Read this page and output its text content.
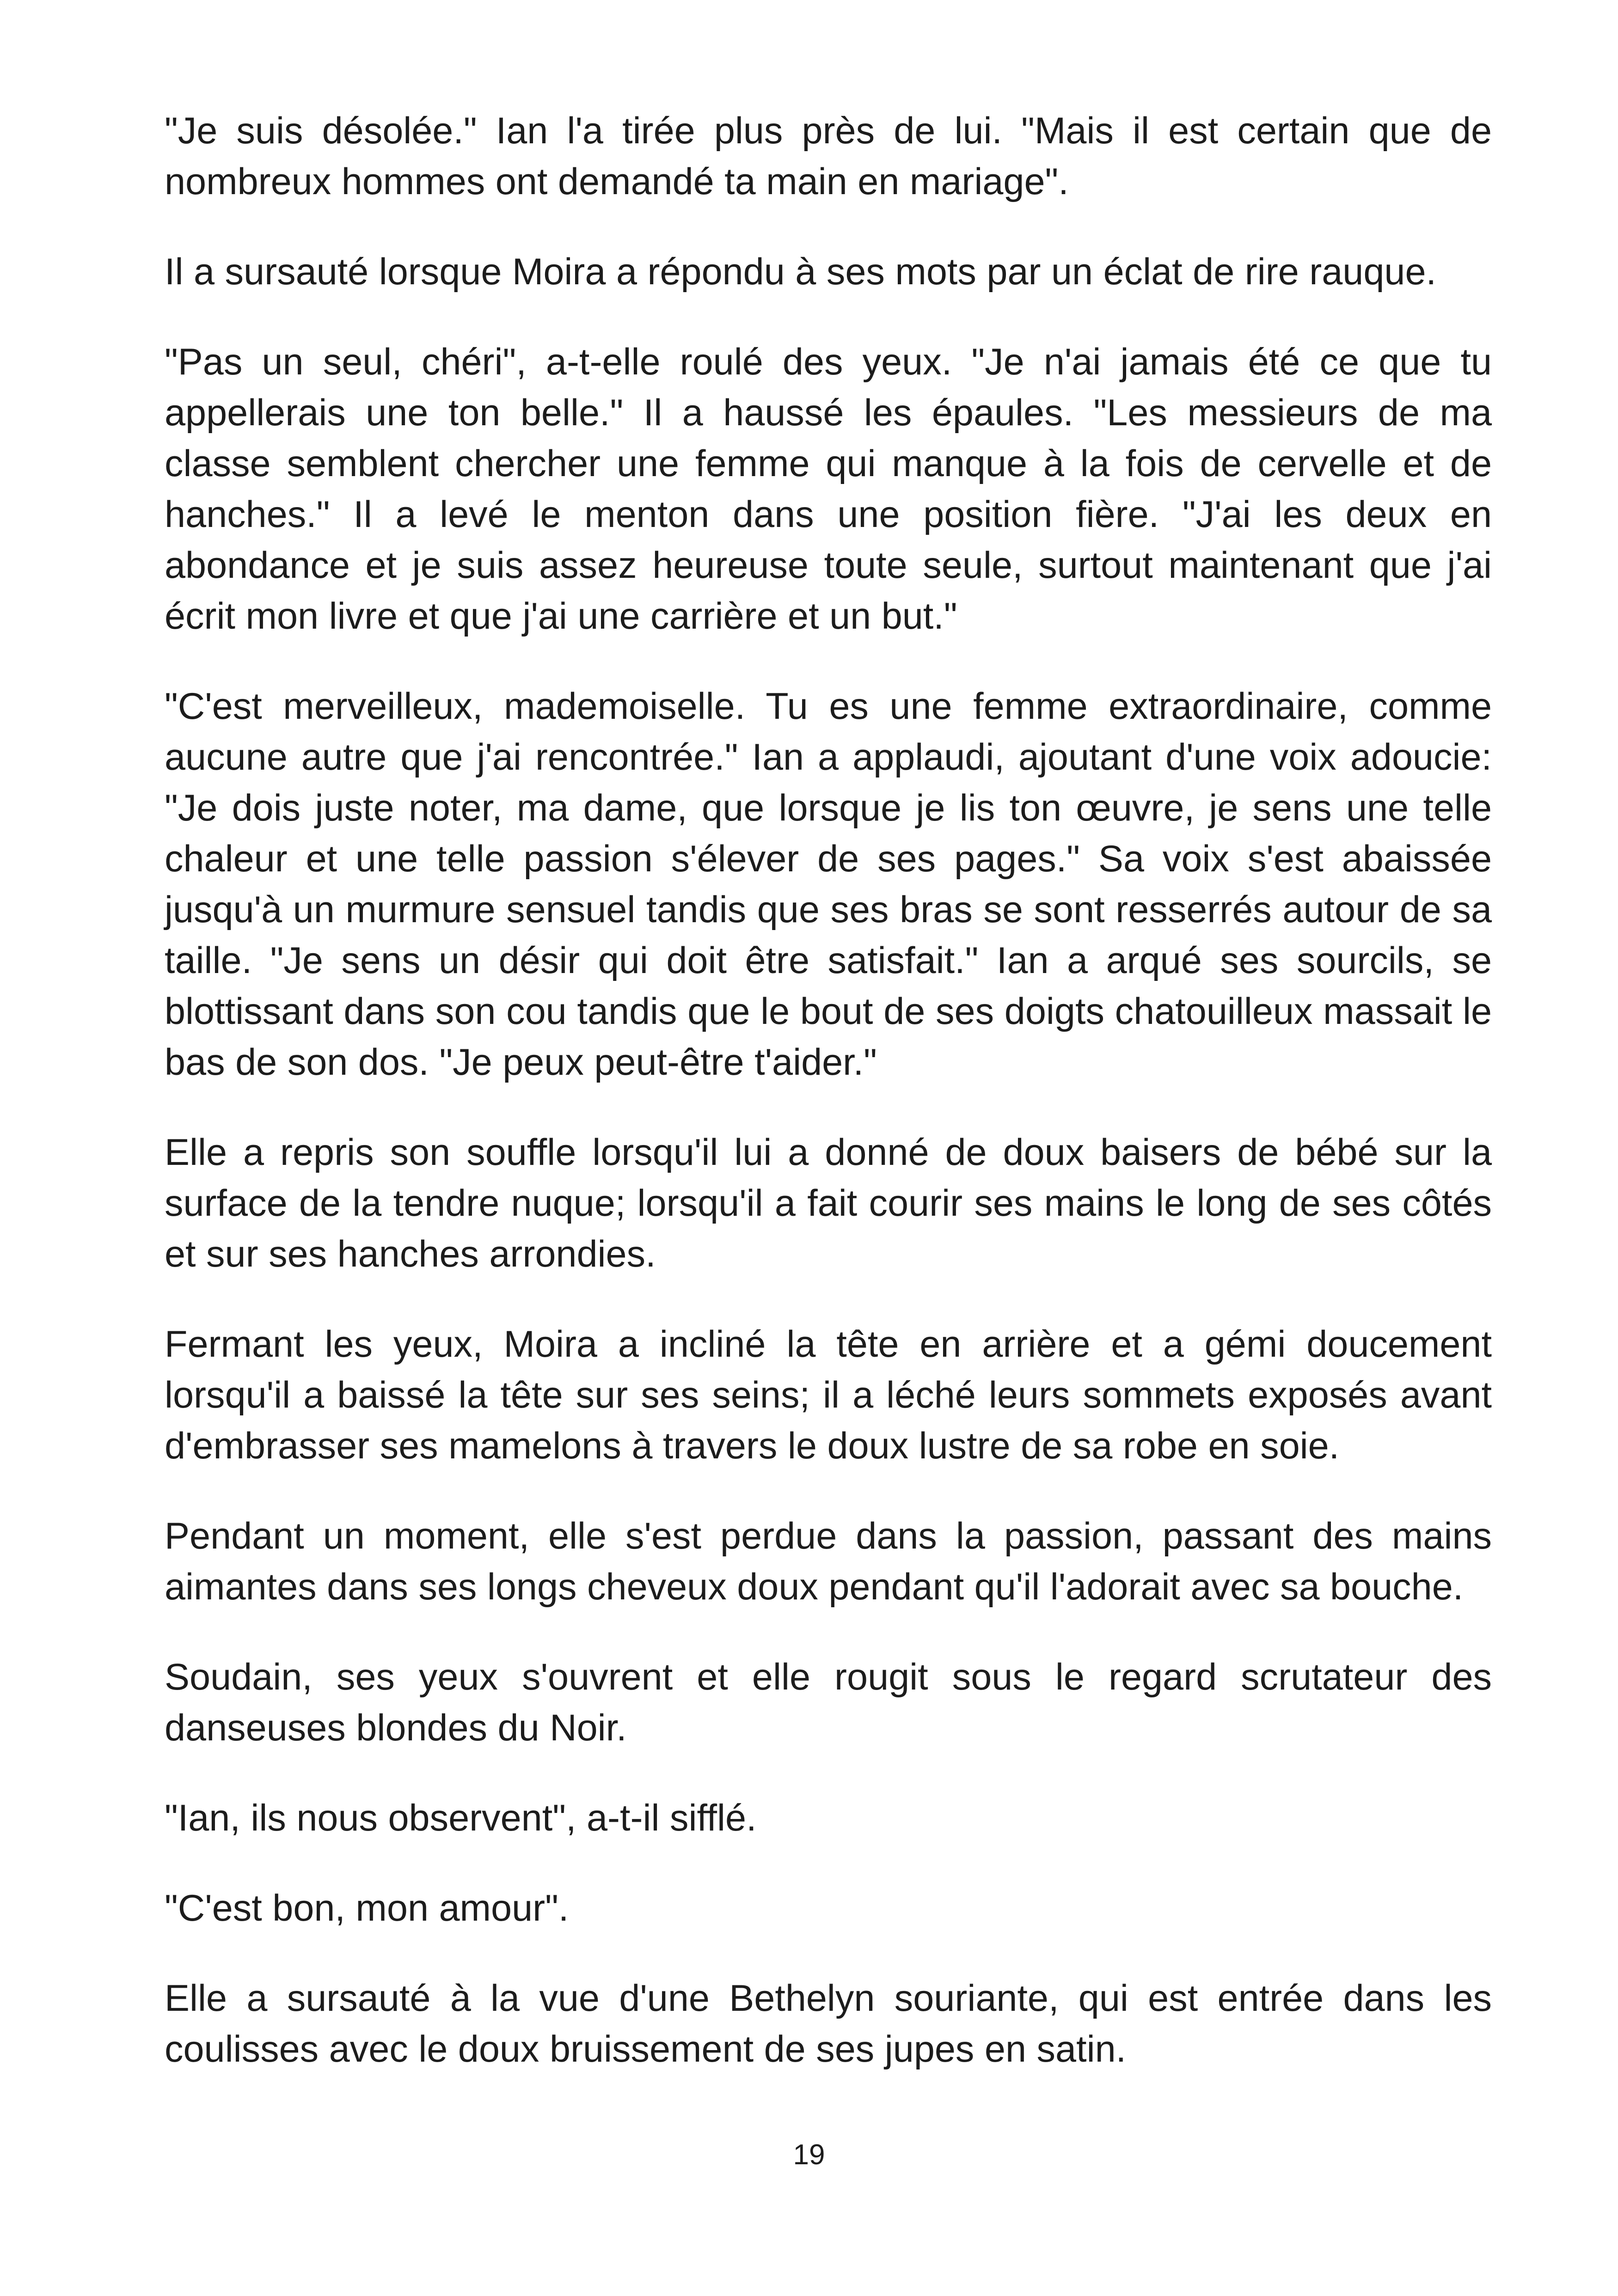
"Je suis désolée." Ian l'a tirée plus près de lui. "Mais il est certain que de nombreux hommes ont demandé ta main en mariage".

Il a sursauté lorsque Moira a répondu à ses mots par un éclat de rire rauque.

"Pas un seul, chéri", a-t-elle roulé des yeux. "Je n'ai jamais été ce que tu appellerais une ton belle." Il a haussé les épaules. "Les messieurs de ma classe semblent chercher une femme qui manque à la fois de cervelle et de hanches." Il a levé le menton dans une position fière. "J'ai les deux en abondance et je suis assez heureuse toute seule, surtout maintenant que j'ai écrit mon livre et que j'ai une carrière et un but."

"C'est merveilleux, mademoiselle. Tu es une femme extraordinaire, comme aucune autre que j'ai rencontrée." Ian a applaudi, ajoutant d'une voix adoucie: "Je dois juste noter, ma dame, que lorsque je lis ton œuvre, je sens une telle chaleur et une telle passion s'élever de ses pages." Sa voix s'est abaissée jusqu'à un murmure sensuel tandis que ses bras se sont resserrés autour de sa taille. "Je sens un désir qui doit être satisfait." Ian a arqué ses sourcils, se blottissant dans son cou tandis que le bout de ses doigts chatouilleux massait le bas de son dos. "Je peux peut-être t'aider."

Elle a repris son souffle lorsqu'il lui a donné de doux baisers de bébé sur la surface de la tendre nuque; lorsqu'il a fait courir ses mains le long de ses côtés et sur ses hanches arrondies.

Fermant les yeux, Moira a incliné la tête en arrière et a gémi doucement lorsqu'il a baissé la tête sur ses seins; il a léché leurs sommets exposés avant d'embrasser ses mamelons à travers le doux lustre de sa robe en soie.

Pendant un moment, elle s'est perdue dans la passion, passant des mains aimantes dans ses longs cheveux doux pendant qu'il l'adorait avec sa bouche.

Soudain, ses yeux s'ouvrent et elle rougit sous le regard scrutateur des danseuses blondes du Noir.

"Ian, ils nous observent", a-t-il sifflé.

"C'est bon, mon amour".

Elle a sursauté à la vue d'une Bethelyn souriante, qui est entrée dans les coulisses avec le doux bruissement de ses jupes en satin.

19
